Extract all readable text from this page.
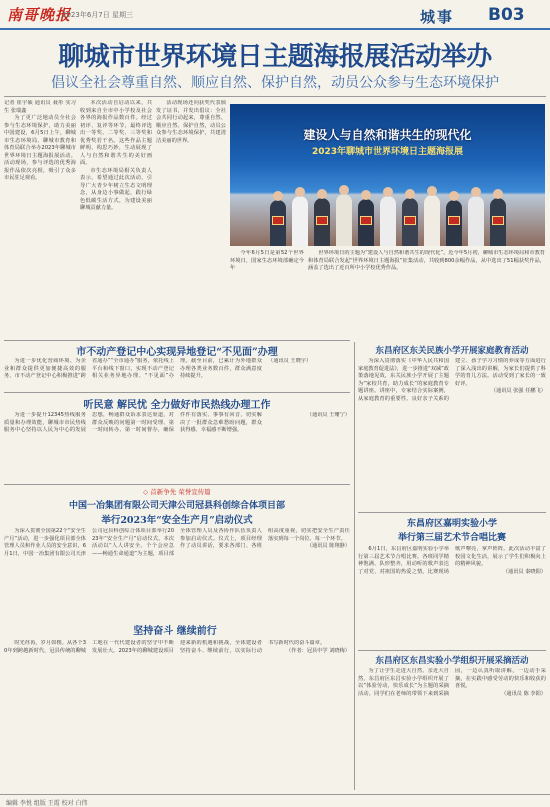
南哥晚报
2023年6月7日 星期三	城事 B03
聊城市世界环境日主题海报展活动举办
倡议全社会尊重自然、顺应自然、保护自然，动员公众参与生态环境保护
记者 崔宇硕 通讯员 聂彤 实习生 张瑞鑫

为了更广泛地动员全社会参与生态环境保护，助力美丽中国建设，6月5日上午，聊城市生态环境局、聊城市教育和体育局联合举办2023年聊城市世界环境日主题海报展活动。活动现场，参与评选的优秀海报作品依次亮相，吸引了众多市民驻足观看。

本次活动自启动以来，共收到来自全市中小学校及社会各界的海报作品数百件。经过初评、复评等环节，最终评选出一等奖、二等奖、三等奖和优秀奖若干名。这些作品主题鲜明、构思巧妙，生动展现了人与自然和谐共生的美好画面。

市生态环境局相关负责人表示，希望通过此次活动，引导广大青少年树立生态文明理念，从身边小事做起，践行绿色低碳生活方式，为建设美丽聊城贡献力量。

活动现场还向获奖代表颁发了证书，并发出倡议：全社会共同行动起来，尊重自然、顺应自然、保护自然，动员公众参与生态环境保护，共建清洁美丽的世界。	建设人与自然和谐共生的现代化
2023年聊城市世界环境日主题海报展

今年6月5日是第52个世界环境日，国家生态环境部确定今年

世界环境日的主题为“建设人与自然和谐共生的现代化”。近今年5月初，聊城市生态环境局和市教育和体育局联合发起“世界环境日主题海报”征集活动，共收到800余幅作品，从中选出了51幅获奖作品，涵盖了选出了近百所中小学校优秀作品。

市不动产登记中心实现异地登记“不见面”办理

为进一步优化营商环境、为企业和群众提供更加便捷高效的服务，市不动产登记中心积极推进“跨省通办”“全市通办”服务，依托线上平台和线下窗口，实现不动产登记相关业务异地办理、“不见面”办理。截至目前，已累计为外地群众办理各类业务数百件，群众满意度持续提升。

（通讯员 王晓宇）
听民意 解民忧 全力做好市民热线办理工作

为进一步提升12345热线服务质量和办理效能，聊城市市民热线服务中心坚持以人民为中心的发展思想，畅通群众诉求表达渠道，对群众反映的问题第一时间受理、第一时间转办、第一时间督办，确保件件有落实、事事有回音，切实解决了一批群众急难愁盼问题，群众获得感、幸福感不断增强。

（通讯员 王珊宁）
◇ 首新争先 荣誉宣传篇
中国一冶集团有限公司天津公司冠县科创综合体项目部
举行2023年“安全生产月”启动仪式

为深入贯彻全国第22个“安全生产月”活动，进一步强化项目部全体管理人员和作业人员的安全意识，6月1日，中国一冶集团有限公司天津公司冠县科创综合体项目部举行2023年“安全生产月”启动仪式。本次活动以“人人讲安全、个个会应急——畅通生命通道”为主题，项目部全体管理人员及各协作队伍负责人参加启动仪式。仪式上，项目经理作了动员讲话，要求各部门、各班组高度重视，切实把安全生产责任落实到每一个岗位、每一个环节。

（通讯员 陈翔静）
坚持奋斗 继续前行

时光荏苒，岁月如梭。从各个30年到跨越新时代，冠县传统的聊城工地在一代代建设者的坚守中不断发展壮大。2023年的聊城建设项目迎来新的机遇和挑战，全体建设者坚持奋斗、继续前行，以实际行动书写新时代的奋斗篇章。

（作者：冠县中学 刘晓梅）
东昌府区东关民族小学开展家庭教育活动

为深入贯彻落实《中华人民共和国家庭教育促进法》，进一步推进“双减”政策落地见效，东关民族小学开展了主题为“家校共育，助力成长”的家庭教育专题讲座。讲座中，专家结合实际案例，从家庭教育的重要性、良好亲子关系的建立、孩子学习习惯的养成等方面进行了深入浅出的讲解，为家长们提供了科学的育儿方法。活动受到了家长的一致好评。

（通讯员 张强 任鹏飞）
东昌府区嘉明实验小学
举行第三届艺术节合唱比赛

6月1日，东昌府区嘉明实验小学举行第三届艺术节合唱比赛。各班同学精神饱满、队形整齐，用动听的歌声表达了对党、对祖国的热爱之情。比赛现场歌声嘹亮，掌声阵阵。此次活动丰富了校园文化生活，展示了学生们积极向上的精神风貌。

（通讯员 秦晓阳）
东昌府区东昌实验小学组织开展采摘活动

为了让学生走进大自然、亲近大自然，东昌府区东昌实验小学组织开展了以“体验劳动，快乐成长”为主题的采摘活动。同学们在老师的带领下来到采摘园，一边认真听取讲解，一边动手采摘，在实践中感受劳动的快乐和收获的喜悦。

（通讯员 陈 李阳）
编辑 李悦 组版 王霞 校对 白伟
